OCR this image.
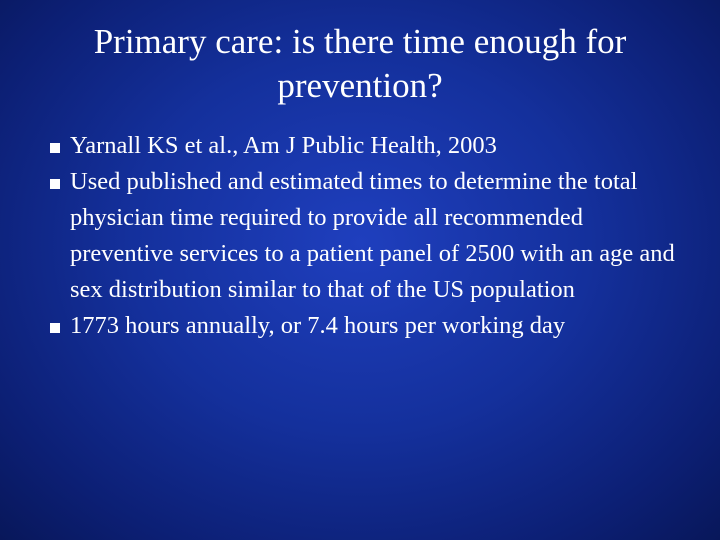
Primary care: is there time enough for prevention?
Yarnall KS et al., Am J Public Health, 2003
Used published and estimated times to determine the total physician time required to provide all recommended preventive services to a patient panel of 2500 with an age and sex distribution similar to that of the US population
1773 hours annually, or 7.4 hours per working day
